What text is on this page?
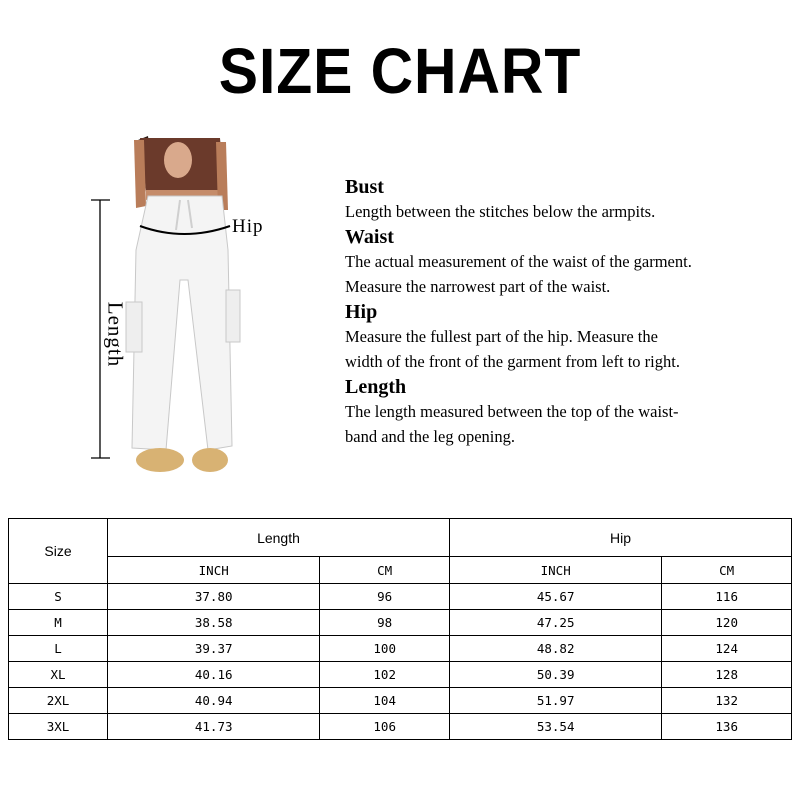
SIZE CHART
Length
Hip
Bust

Length between the stitches below the armpits.

Waist

The actual measurement of the waist of the garment.
Measure the narrowest part of the waist.

Hip

Measure the fullest part of the hip. Measure the
width of the front of the garment from left to right.

Length

The length measured between the top of the waist-
band and the leg opening.

Size	Length		Hip	
	INCH	CM	INCH	CM
S	37.80	96	45.67	116
M	38.58	98	47.25	120
L	39.37	100	48.82	124
XL	40.16	102	50.39	128
2XL	40.94	104	51.97	132
3XL	41.73	106	53.54	136
